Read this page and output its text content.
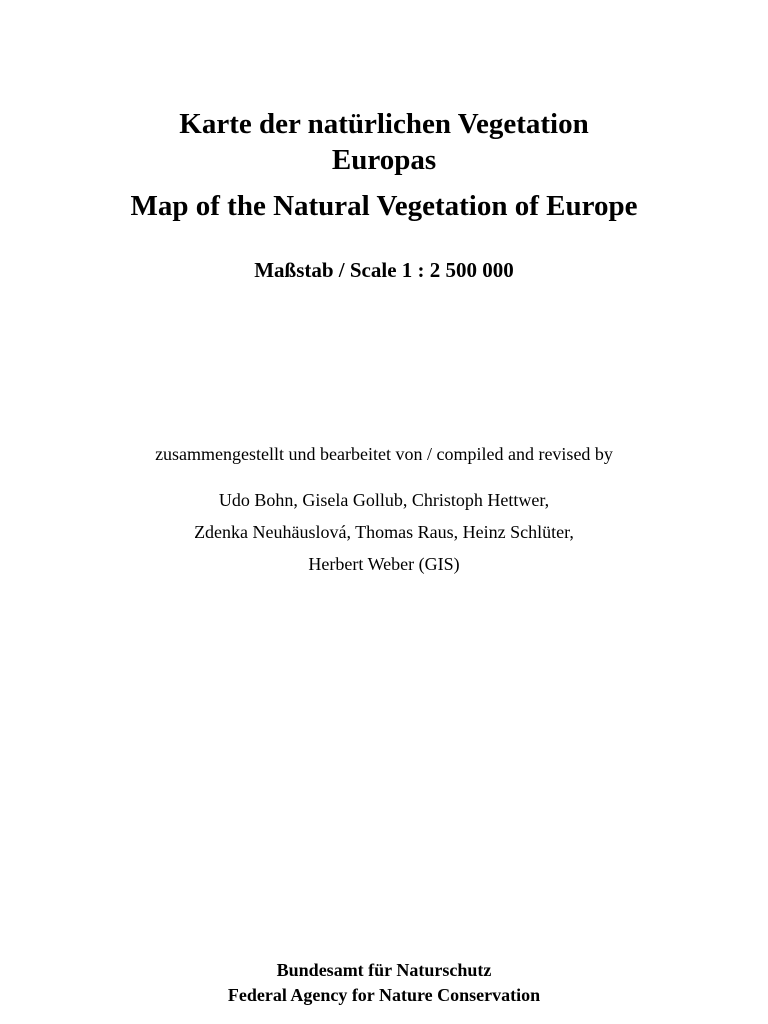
Karte der natürlichen Vegetation
Europas
Map of the Natural Vegetation of Europe
Maßstab / Scale 1 : 2 500 000
zusammengestellt und bearbeitet von / compiled and revised by
Udo Bohn, Gisela Gollub, Christoph Hettwer,
Zdenka Neuhäuslová, Thomas Raus, Heinz Schlüter,
Herbert Weber (GIS)
Bundesamt für Naturschutz
Federal Agency for Nature Conservation
